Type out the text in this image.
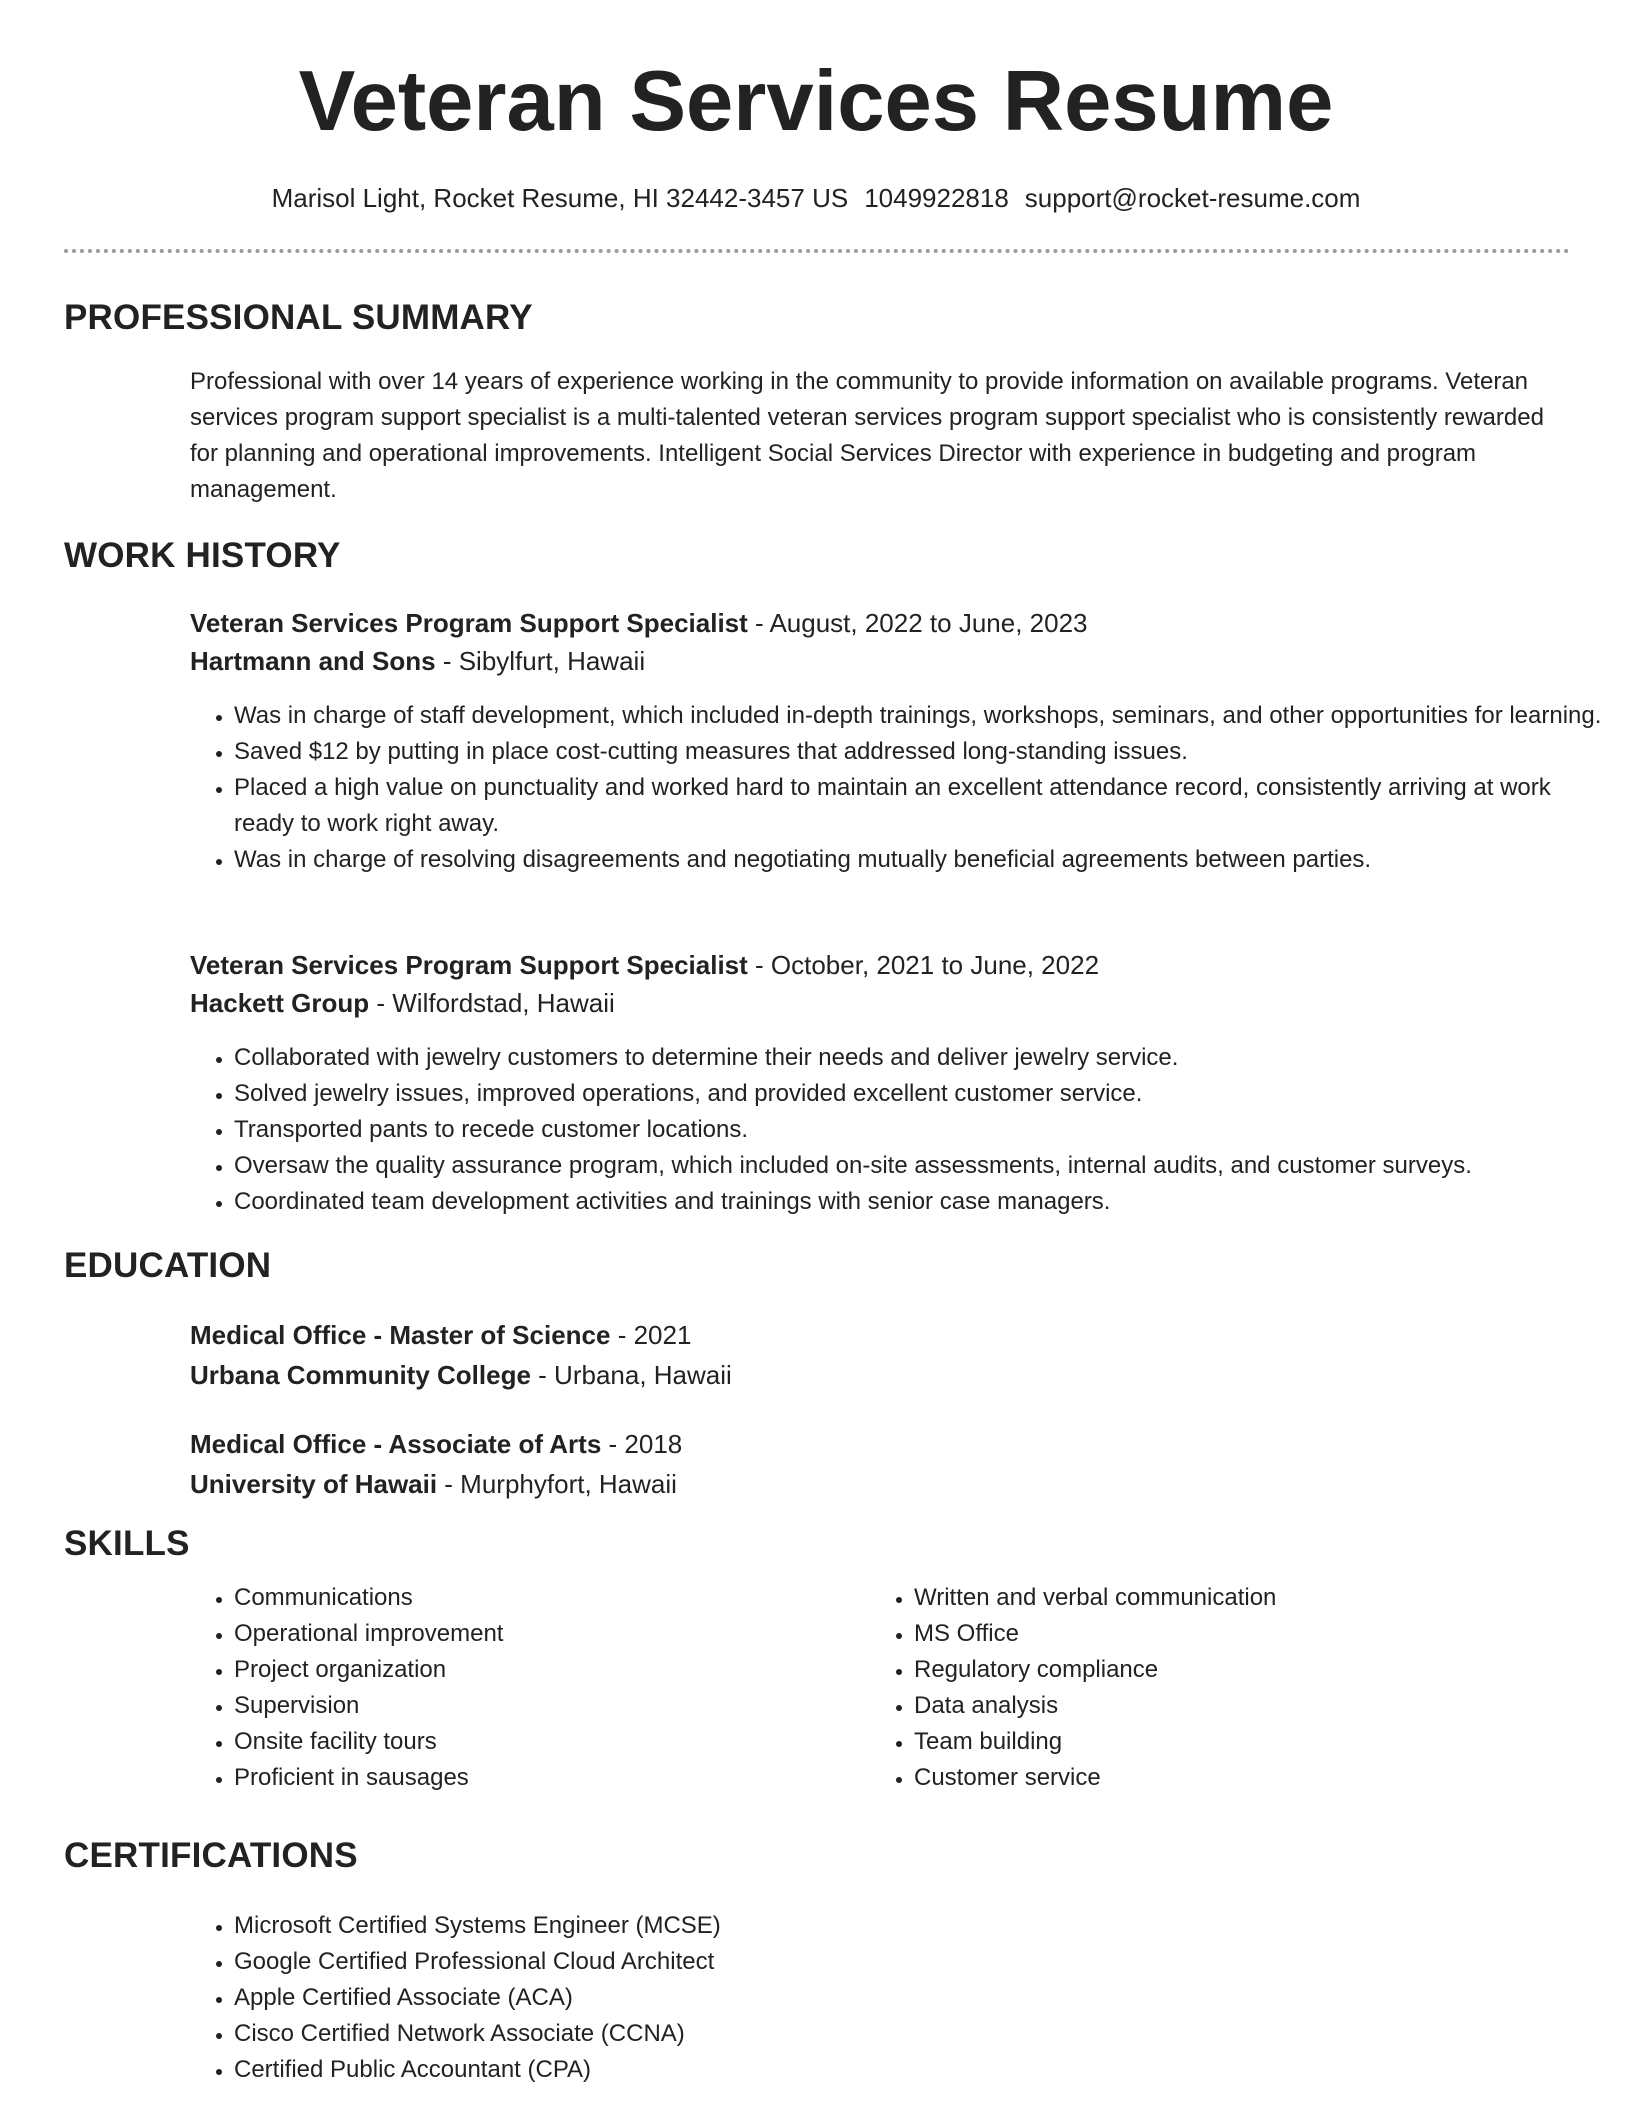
Veteran Services Resume
Marisol Light, Rocket Resume, HI 32442-3457 US 1049922818 support@rocket-resume.com
PROFESSIONAL SUMMARY

Professional with over 14 years of experience working in the community to provide information on available programs. Veteran services program support specialist is a multi-talented veteran services program support specialist who is consistently rewarded for planning and operational improvements. Intelligent Social Services Director with experience in budgeting and program management.

WORK HISTORY
Veteran Services Program Support Specialist - August, 2022 to June, 2023
Hartmann and Sons - Sibylfurt, Hawaii
• Was in charge of staff development, which included in-depth trainings, workshops, seminars, and other opportunities for learning.
• Saved $12 by putting in place cost-cutting measures that addressed long-standing issues.
• Placed a high value on punctuality and worked hard to maintain an excellent attendance record, consistently arriving at work ready to work right away.
• Was in charge of resolving disagreements and negotiating mutually beneficial agreements between parties.
Veteran Services Program Support Specialist - October, 2021 to June, 2022
Hackett Group - Wilfordstad, Hawaii
• Collaborated with jewelry customers to determine their needs and deliver jewelry service.
• Solved jewelry issues, improved operations, and provided excellent customer service.
• Transported pants to recede customer locations.
• Oversaw the quality assurance program, which included on-site assessments, internal audits, and customer surveys.
• Coordinated team development activities and trainings with senior case managers.
EDUCATION
Medical Office - Master of Science - 2021
Urbana Community College - Urbana, Hawaii
Medical Office - Associate of Arts - 2018
University of Hawaii - Murphyfort, Hawaii
SKILLS
• Communications
• Operational improvement
• Project organization
• Supervision
• Onsite facility tours
• Proficient in sausages
• Written and verbal communication
• MS Office
• Regulatory compliance
• Data analysis
• Team building
• Customer service
CERTIFICATIONS
• Microsoft Certified Systems Engineer (MCSE)
• Google Certified Professional Cloud Architect
• Apple Certified Associate (ACA)
• Cisco Certified Network Associate (CCNA)
• Certified Public Accountant (CPA)
